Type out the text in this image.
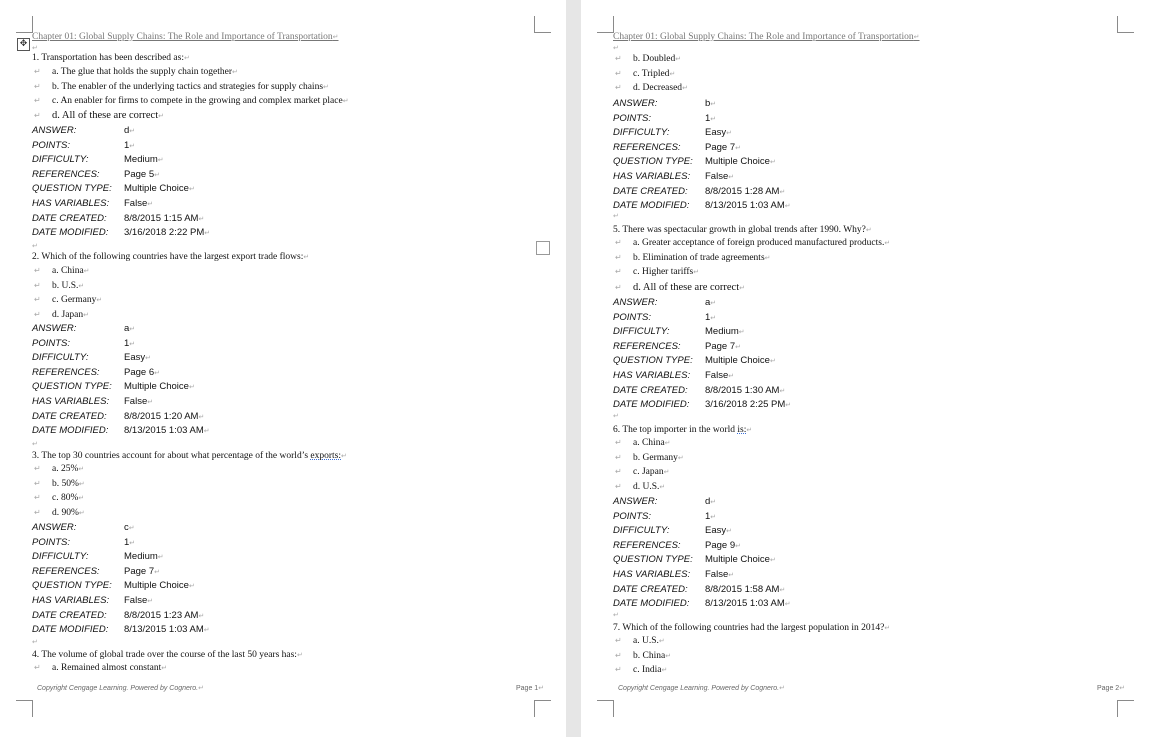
✥
Chapter 01: Global Supply Chains: The Role and Importance of Transportation↵
↵
1. Transportation has been described as:↵
↵ a. The glue that holds the supply chain together↵
↵ b. The enabler of the underlying tactics and strategies for supply chains↵
↵ c. An enabler for firms to compete in the growing and complex market place↵
↵ d. All of these are correct↵
ANSWER:	d↵
POINTS:	1↵
DIFFICULTY:	Medium↵
REFERENCES:	Page 5↵
QUESTION TYPE: Multiple Choice↵
HAS VARIABLES: False↵
DATE CREATED: 8/8/2015 1:15 AM↵
DATE MODIFIED: 3/16/2018 2:22 PM↵
↵
2. Which of the following countries have the largest export trade flows:↵
↵ a. China↵
↵ b. U.S.↵
↵ c. Germany↵
↵ d. Japan↵
ANSWER:	a↵
POINTS:	1↵
DIFFICULTY:	Easy↵
REFERENCES:	Page 6↵
QUESTION TYPE: Multiple Choice↵
HAS VARIABLES: False↵
DATE CREATED: 8/8/2015 1:20 AM↵
DATE MODIFIED: 8/13/2015 1:03 AM↵
↵
3. The top 30 countries account for about what percentage of the world’s exports:↵
↵ a. 25%↵
↵ b. 50%↵
↵ c. 80%↵
↵ d. 90%↵
ANSWER:	c↵
POINTS:	1↵
DIFFICULTY:	Medium↵
REFERENCES:	Page 7↵
QUESTION TYPE: Multiple Choice↵
HAS VARIABLES: False↵
DATE CREATED: 8/8/2015 1:23 AM↵
DATE MODIFIED: 8/13/2015 1:03 AM↵
↵
4. The volume of global trade over the course of the last 50 years has:↵
↵ a. Remained almost constant↵
Copyright Cengage Learning. Powered by Cognero.↵	Page 1↵
Chapter 01: Global Supply Chains: The Role and Importance of Transportation↵
↵
↵ b. Doubled↵
↵ c. Tripled↵
↵ d. Decreased↵
ANSWER:	b↵
POINTS:	1↵
DIFFICULTY:	Easy↵
REFERENCES:	Page 7↵
QUESTION TYPE: Multiple Choice↵
HAS VARIABLES: False↵
DATE CREATED: 8/8/2015 1:28 AM↵
DATE MODIFIED: 8/13/2015 1:03 AM↵
↵
5. There was spectacular growth in global trends after 1990. Why?↵
↵ a. Greater acceptance of foreign produced manufactured products.↵
↵ b. Elimination of trade agreements↵
↵ c. Higher tariffs↵
↵ d. All of these are correct↵
ANSWER:	a↵
POINTS:	1↵
DIFFICULTY:	Medium↵
REFERENCES:	Page 7↵
QUESTION TYPE: Multiple Choice↵
HAS VARIABLES: False↵
DATE CREATED: 8/8/2015 1:30 AM↵
DATE MODIFIED: 3/16/2018 2:25 PM↵
↵
6. The top importer in the world is:↵
↵ a. China↵
↵ b. Germany↵
↵ c. Japan↵
↵ d. U.S.↵
ANSWER:	d↵
POINTS:	1↵
DIFFICULTY:	Easy↵
REFERENCES:	Page 9↵
QUESTION TYPE: Multiple Choice↵
HAS VARIABLES: False↵
DATE CREATED: 8/8/2015 1:58 AM↵
DATE MODIFIED: 8/13/2015 1:03 AM↵
↵
7. Which of the following countries had the largest population in 2014?↵
↵ a. U.S.↵
↵ b. China↵
↵ c. India↵
Copyright Cengage Learning. Powered by Cognero.↵	Page 2↵
